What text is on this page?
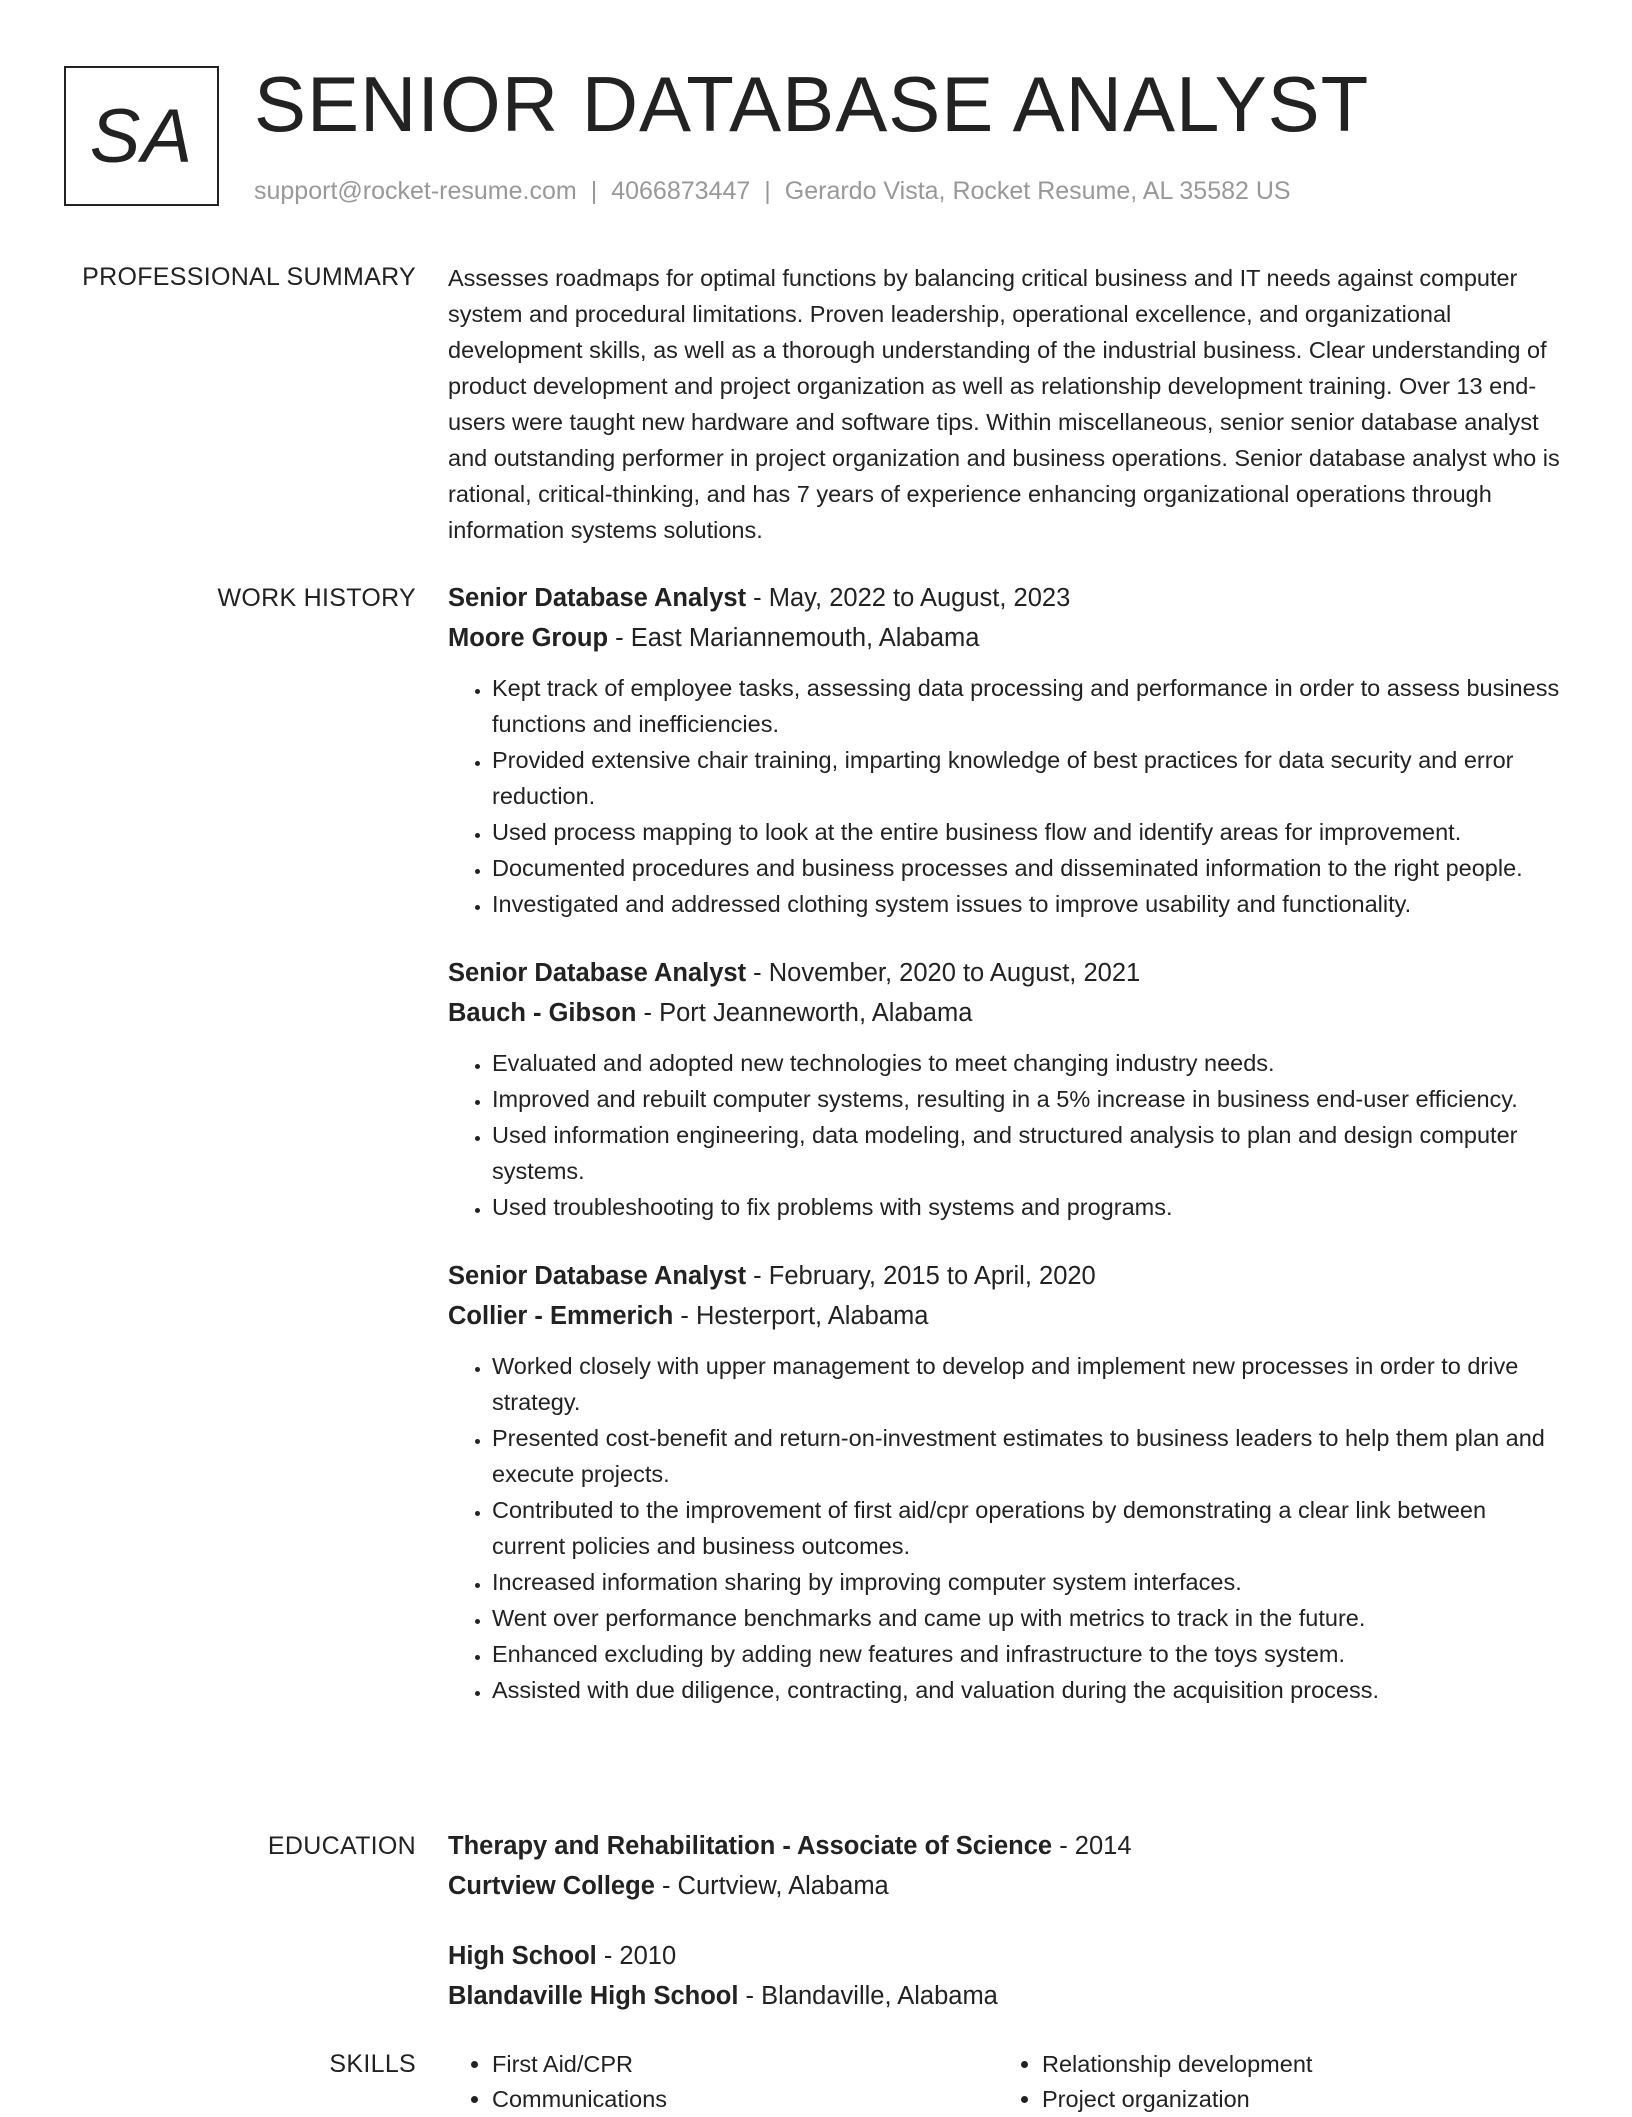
SA SENIOR DATABASE ANALYST
support@rocket-resume.com | 4066873447 | Gerardo Vista, Rocket Resume, AL 35582 US
PROFESSIONAL SUMMARY Assesses roadmaps for optimal functions by balancing critical business and IT needs against computer system and procedural limitations. Proven leadership, operational excellence, and organizational development skills, as well as a thorough understanding of the industrial business. Clear understanding of product development and project organization as well as relationship development training. Over 13 end-users were taught new hardware and software tips. Within miscellaneous, senior senior database analyst and outstanding performer in project organization and business operations. Senior database analyst who is rational, critical-thinking, and has 7 years of experience enhancing organizational operations through information systems solutions.

WORK HISTORY Senior Database Analyst - May, 2022 to August, 2023
Moore Group - East Mariannemouth, Alabama
• Kept track of employee tasks, assessing data processing and performance in order to assess business functions and inefficiencies.
• Provided extensive chair training, imparting knowledge of best practices for data security and error reduction.
• Used process mapping to look at the entire business flow and identify areas for improvement.
• Documented procedures and business processes and disseminated information to the right people.
• Investigated and addressed clothing system issues to improve usability and functionality.
Senior Database Analyst - November, 2020 to August, 2021
Bauch - Gibson - Port Jeanneworth, Alabama
• Evaluated and adopted new technologies to meet changing industry needs.
• Improved and rebuilt computer systems, resulting in a 5% increase in business end-user efficiency.
• Used information engineering, data modeling, and structured analysis to plan and design computer systems.
• Used troubleshooting to fix problems with systems and programs.
Senior Database Analyst - February, 2015 to April, 2020
Collier - Emmerich - Hesterport, Alabama
• Worked closely with upper management to develop and implement new processes in order to drive strategy.
• Presented cost-benefit and return-on-investment estimates to business leaders to help them plan and execute projects.
• Contributed to the improvement of first aid/cpr operations by demonstrating a clear link between current policies and business outcomes.
• Increased information sharing by improving computer system interfaces.
• Went over performance benchmarks and came up with metrics to track in the future.
• Enhanced excluding by adding new features and infrastructure to the toys system.
• Assisted with due diligence, contracting, and valuation during the acquisition process.
EDUCATION Therapy and Rehabilitation - Associate of Science - 2014
Curtview College - Curtview, Alabama
High School - 2010
Blandaville High School - Blandaville, Alabama
SKILLS
•	First Aid/CPR
• Communications
• Relationship development
• Project organization
